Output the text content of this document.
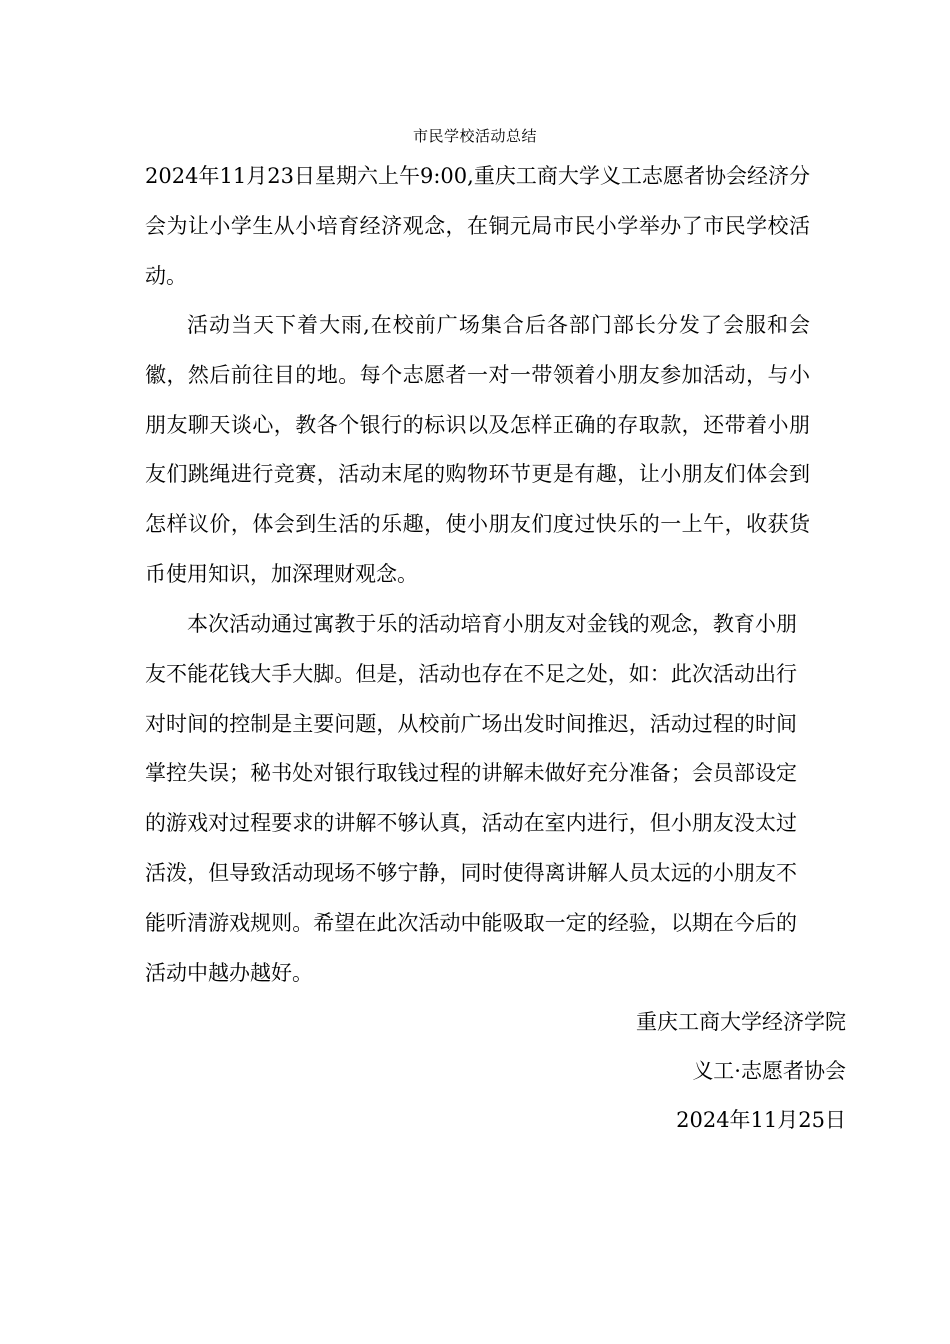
市民学校活动总结

2024年11月23日星期六上午9:00,重庆工商大学义工志愿者协会经济分会为让小学生从小培育经济观念，在铜元局市民小学举办了市民学校活动。

活动当天下着大雨,在校前广场集合后各部门部长分发了会服和会徽，然后前往目的地。每个志愿者一对一带领着小朋友参加活动，与小朋友聊天谈心，教各个银行的标识以及怎样正确的存取款，还带着小朋友们跳绳进行竞赛，活动末尾的购物环节更是有趣，让小朋友们体会到怎样议价，体会到生活的乐趣，使小朋友们度过快乐的一上午，收获货币使用知识，加深理财观念。

本次活动通过寓教于乐的活动培育小朋友对金钱的观念，教育小朋友不能花钱大手大脚。但是，活动也存在不足之处，如：此次活动出行对时间的控制是主要问题，从校前广场出发时间推迟，活动过程的时间掌控失误；秘书处对银行取钱过程的讲解未做好充分准备；会员部设定的游戏对过程要求的讲解不够认真，活动在室内进行，但小朋友没太过活泼，但导致活动现场不够宁静，同时使得离讲解人员太远的小朋友不能听清游戏规则。希望在此次活动中能吸取一定的经验，以期在今后的活动中越办越好。

重庆工商大学经济学院
义工·志愿者协会
2024年11月25日
